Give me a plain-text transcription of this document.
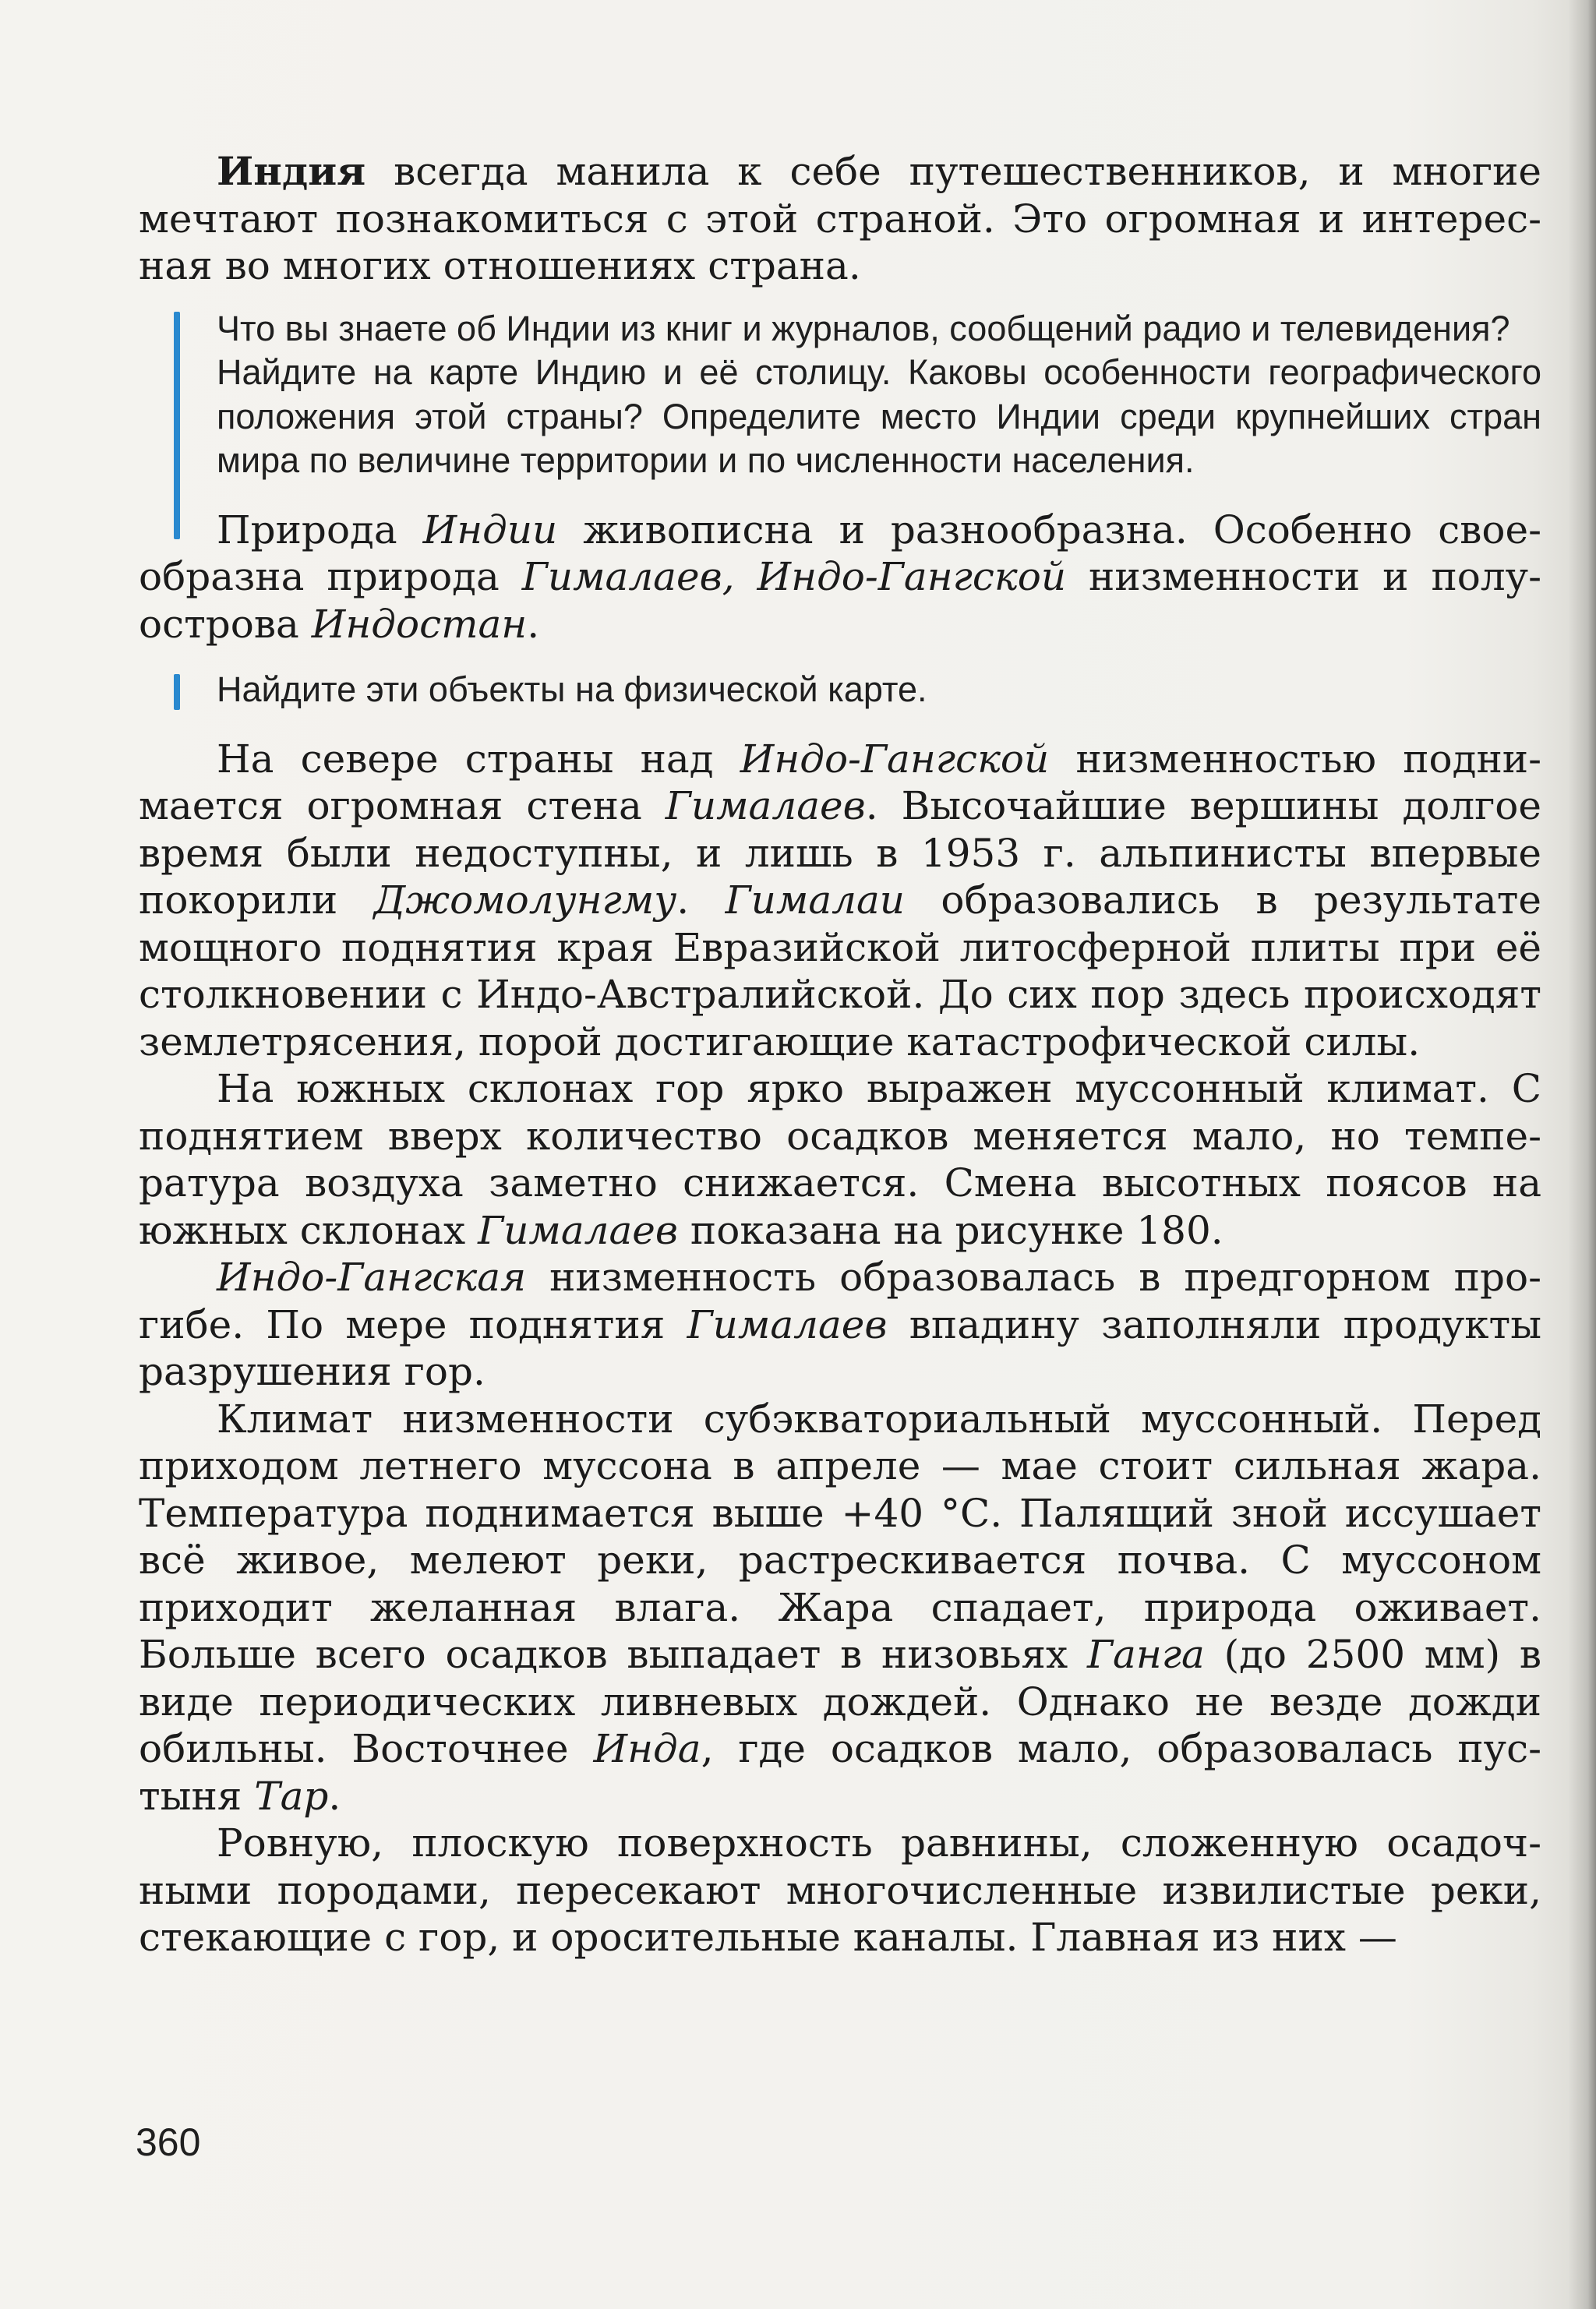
Индия всегда манила к себе путешественников, и многие мечтают познакомиться с этой страной. Это огромная и интересная во многих отношениях страна.

Что вы знаете об Индии из книг и журналов, сообщений радио и телевидения?

Найдите на карте Индию и её столицу. Каковы особенности географического положения этой страны? Определите место Индии среди крупнейших стран мира по величине территории и по численности населения.

Природа Индии живописна и разнообразна. Особенно своеобразна природа Гималаев, Индо-Гангской низменности и полуострова Индостан.

Найдите эти объекты на физической карте.

На севере страны над Индо-Гангской низменностью поднимается огромная стена Гималаев. Высочайшие вершины долгое время были недоступны, и лишь в 1953 г. альпинисты впервые покорили Джомолунгму. Гималаи образовались в результате мощного поднятия края Евразийской литосферной плиты при её столкновении с Индо-Австралийской. До сих пор здесь происходят землетрясения, порой достигающие катастрофической силы.

На южных склонах гор ярко выражен муссонный климат. С поднятием вверх количество осадков меняется мало, но температура воздуха заметно снижается. Смена высотных поясов на южных склонах Гималаев показана на рисунке 180.

Индо-Гангская низменность образовалась в предгорном прогибе. По мере поднятия Гималаев впадину заполняли продукты разрушения гор.

Климат низменности субэкваториальный муссонный. Перед приходом летнего муссона в апреле — мае стоит сильная жара. Температура поднимается выше +40 °С. Палящий зной иссушает всё живое, мелеют реки, растрескивается почва. С муссоном приходит желанная влага. Жара спадает, природа оживает. Больше всего осадков выпадает в низовьях Ганга (до 2500 мм) в виде периодических ливневых дождей. Однако не везде дожди обильны. Восточнее Инда, где осадков мало, образовалась пустыня Тар.

Ровную, плоскую поверхность равнины, сложенную осадочными породами, пересекают многочисленные извилистые реки, стекающие с гор, и оросительные каналы. Главная из них —

360
